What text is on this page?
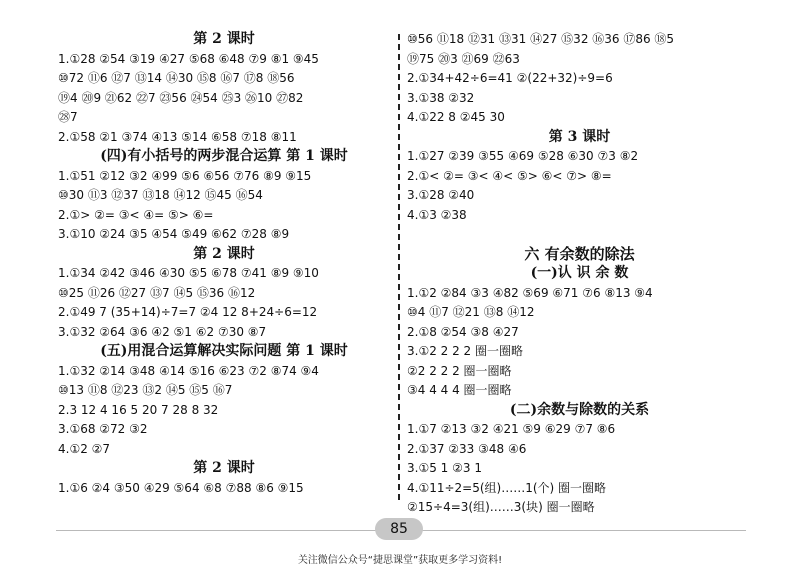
第 2 课时
1.①28 ②54 ③19 ④27 ⑤68 ⑥48 ⑦9 ⑧1 ⑨45
⑩72 ⑪6 ⑫7 ⑬14 ⑭30 ⑮8 ⑯7 ⑰8 ⑱56
⑲4 ⑳9 ㉑62 ㉒7 ㉓56 ㉔54 ㉕3 ㉖10 ㉗82
㉘7
2.①58 ②1 ③74 ④13 ⑤14 ⑥58 ⑦18 ⑧11
(四)有小括号的两步混合运算 第 1 课时
1.①51 ②12 ③2 ④99 ⑤6 ⑥56 ⑦76 ⑧9 ⑨15
⑩30 ⑪3 ⑫37 ⑬18 ⑭12 ⑮45 ⑯54
2.①> ②= ③< ④= ⑤> ⑥=
3.①10 ②24 ③5 ④54 ⑤49 ⑥62 ⑦28 ⑧9
第 2 课时
1.①34 ②42 ③46 ④30 ⑤5 ⑥78 ⑦41 ⑧9 ⑨10
⑩25 ⑪26 ⑫27 ⑬7 ⑭5 ⑮36 ⑯12
2.①49 7 (35+14)÷7=7 ②4 12 8+24÷6=12
3.①32 ②64 ③6 ④2 ⑤1 ⑥2 ⑦30 ⑧7
(五)用混合运算解决实际问题 第 1 课时
1.①32 ②14 ③48 ④14 ⑤16 ⑥23 ⑦2 ⑧74 ⑨4
⑩13 ⑪8 ⑫23 ⑬2 ⑭5 ⑮5 ⑯7
2.3 12 4 16 5 20 7 28 8 32
3.①68 ②72 ③2
4.①2 ②7
第 2 课时
1.①6 ②4 ③50 ④29 ⑤64 ⑥8 ⑦88 ⑧6 ⑨15
⑩56 ⑪18 ⑫31 ⑬31 ⑭27 ⑮32 ⑯36 ⑰86 ⑱5
⑲75 ⑳3 ㉑69 ㉒63
2.①34+42÷6=41 ②(22+32)÷9=6
3.①38 ②32
4.①22 8 ②45 30
第 3 课时
1.①27 ②39 ③55 ④69 ⑤28 ⑥30 ⑦3 ⑧2
2.①< ②= ③< ④< ⑤> ⑥< ⑦> ⑧=
3.①28 ②40
4.①3 ②38
六 有余数的除法
(一)认 识 余 数
1.①2 ②84 ③3 ④82 ⑤69 ⑥71 ⑦6 ⑧13 ⑨4
⑩4 ⑪7 ⑫21 ⑬8 ⑭12
2.①8 ②54 ③8 ④27
3.①2 2 2 2 圈一圈略
②2 2 2 2 圈一圈略
③4 4 4 4 圈一圈略
(二)余数与除数的关系
1.①7 ②13 ③2 ④21 ⑤9 ⑥29 ⑦7 ⑧6
2.①37 ②33 ③48 ④6
3.①5 1 ②3 1
4.①11÷2=5(组)……1(个) 圈一圈略
②15÷4=3(组)……3(块) 圈一圈略
85
关注微信公众号“捷思课堂”获取更多学习资料!
